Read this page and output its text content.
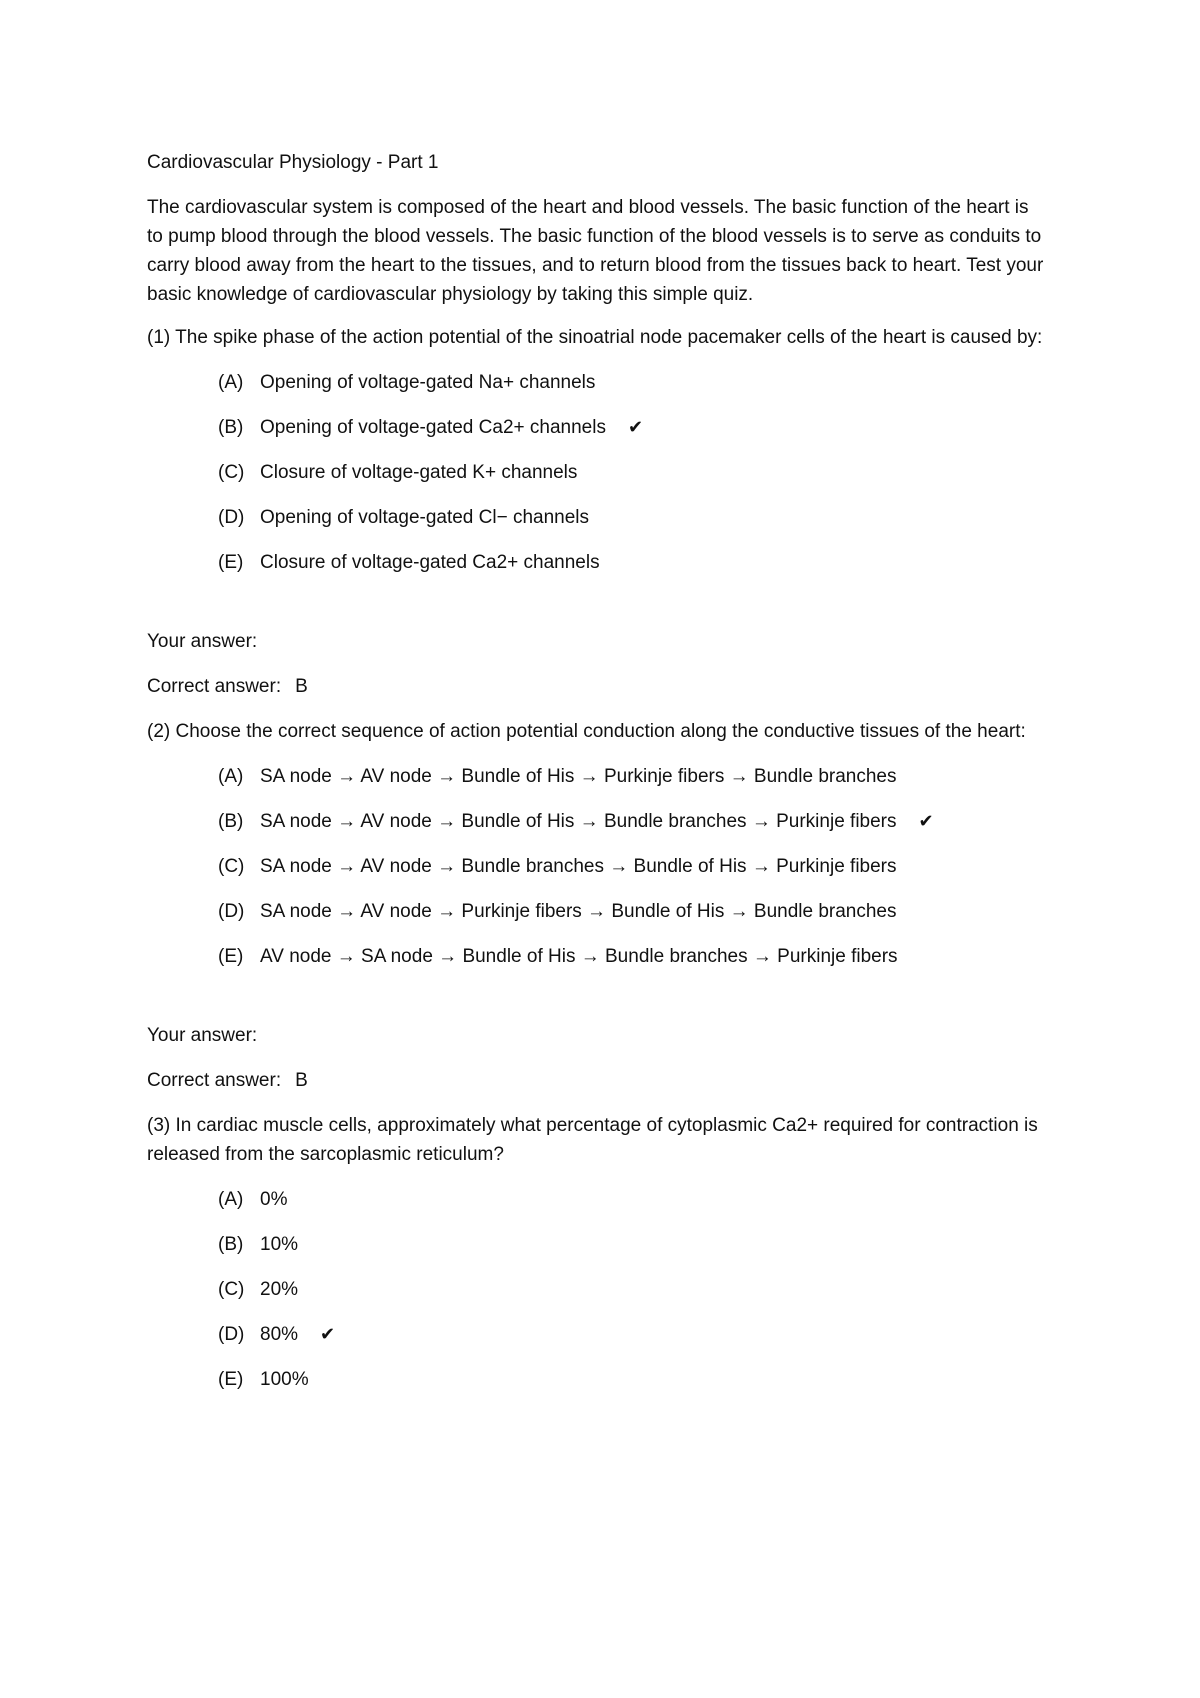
Cardiovascular Physiology - Part 1
The cardiovascular system is composed of the heart and blood vessels. The basic function of the heart is to pump blood through the blood vessels. The basic function of the blood vessels is to serve as conduits to carry blood away from the heart to the tissues, and to return blood from the tissues back to heart. Test your basic knowledge of cardiovascular physiology by taking this simple quiz.
(1) The spike phase of the action potential of the sinoatrial node pacemaker cells of the heart is caused by:
(A) Opening of voltage-gated Na+ channels
(B) Opening of voltage-gated Ca2+ channels ✔
(C) Closure of voltage-gated K+ channels
(D) Opening of voltage-gated Cl− channels
(E) Closure of voltage-gated Ca2+ channels
Your answer:
Correct answer: B
(2) Choose the correct sequence of action potential conduction along the conductive tissues of the heart:
(A) SA node → AV node → Bundle of His → Purkinje fibers → Bundle branches
(B) SA node → AV node → Bundle of His → Bundle branches → Purkinje fibers ✔
(C) SA node → AV node → Bundle branches → Bundle of His → Purkinje fibers
(D) SA node → AV node → Purkinje fibers → Bundle of His → Bundle branches
(E) AV node → SA node → Bundle of His → Bundle branches → Purkinje fibers
Your answer:
Correct answer: B
(3) In cardiac muscle cells, approximately what percentage of cytoplasmic Ca2+ required for contraction is released from the sarcoplasmic reticulum?
(A) 0%
(B) 10%
(C) 20%
(D) 80% ✔
(E) 100%
